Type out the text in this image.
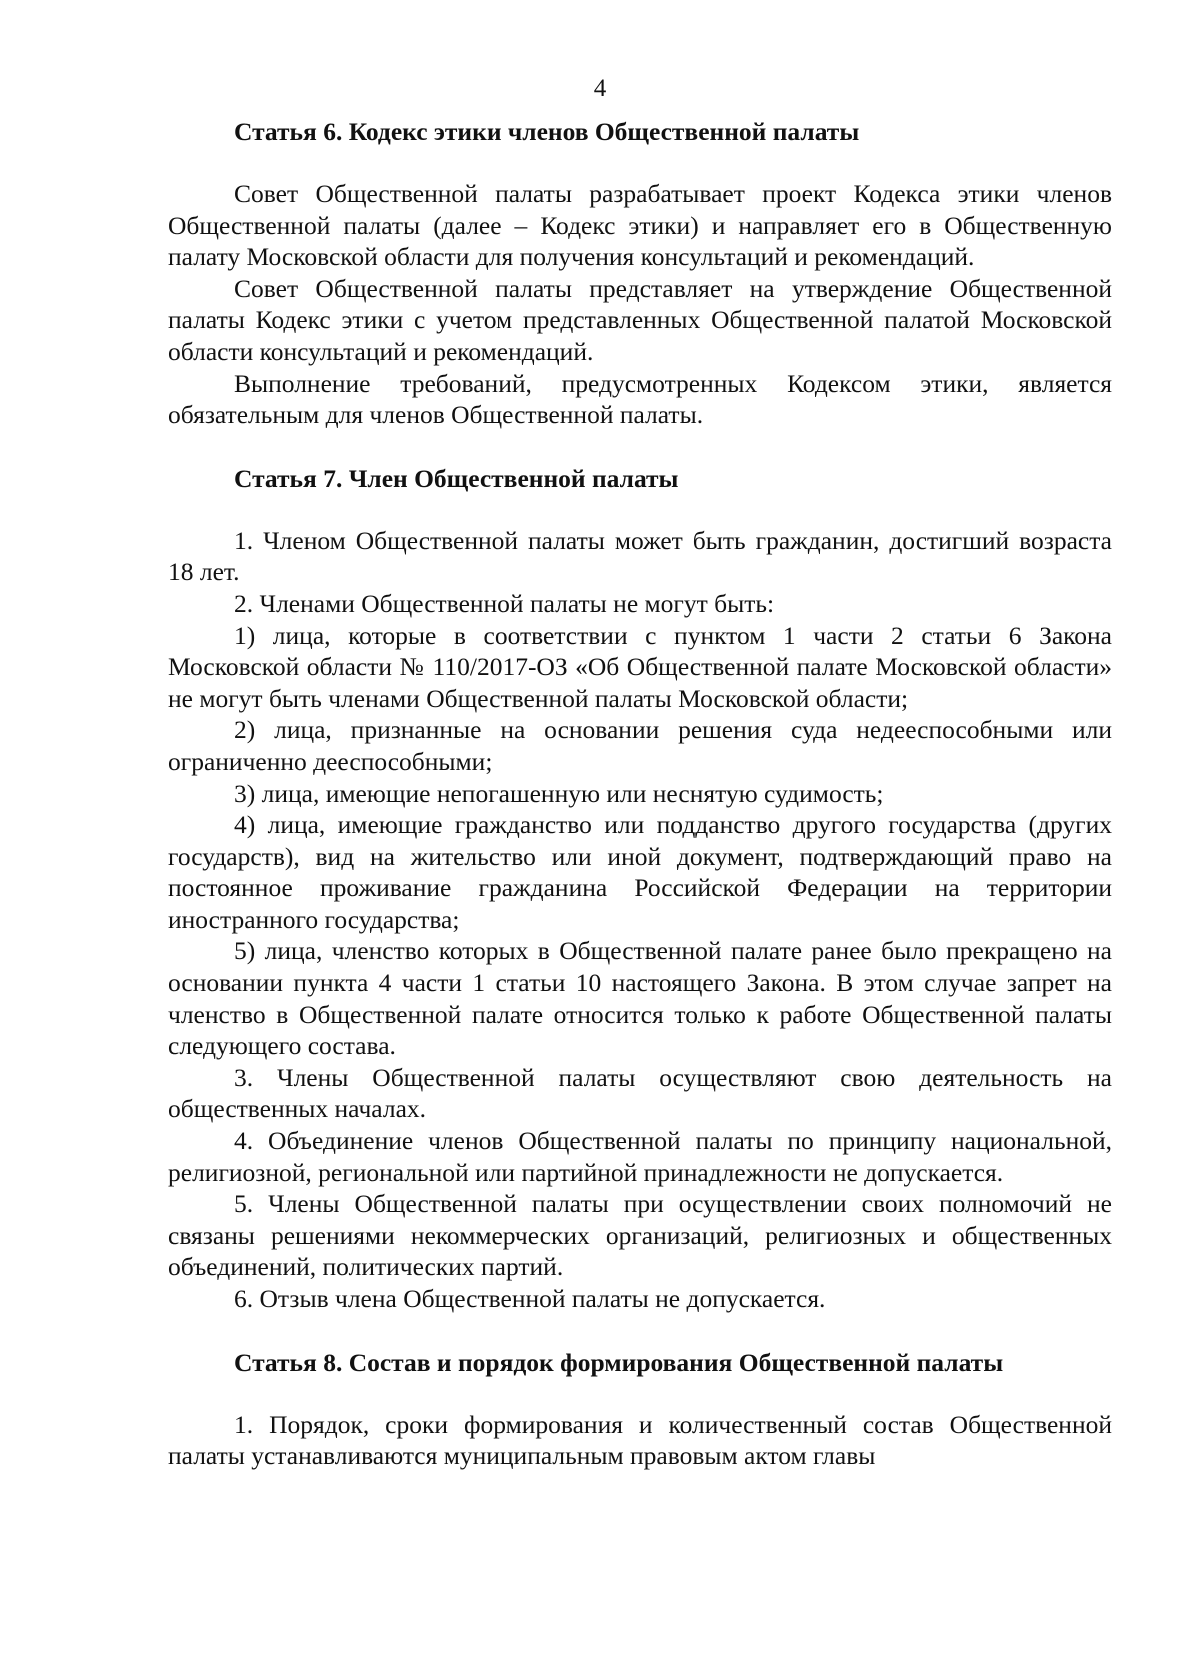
4
Статья 6. Кодекс этики членов Общественной палаты

Совет Общественной палаты разрабатывает проект Кодекса этики членов Общественной палаты (далее – Кодекс этики) и направляет его в Общественную палату Московской области для получения консультаций и рекомендаций.

Совет Общественной палаты представляет на утверждение Общественной палаты Кодекс этики с учетом представленных Общественной палатой Московской области консультаций и рекомендаций.

Выполнение требований, предусмотренных Кодексом этики, является обязательным для членов Общественной палаты.

Статья 7. Член Общественной палаты

1. Членом Общественной палаты может быть гражданин, достигший возраста 18 лет.

2. Членами Общественной палаты не могут быть:

1) лица, которые в соответствии с пунктом 1 части 2 статьи 6 Закона Московской области № 110/2017-ОЗ «Об Общественной палате Московской области» не могут быть членами Общественной палаты Московской области;

2) лица, признанные на основании решения суда недееспособными или ограниченно дееспособными;

3) лица, имеющие непогашенную или неснятую судимость;

4) лица, имеющие гражданство или подданство другого государства (других государств), вид на жительство или иной документ, подтверждающий право на постоянное проживание гражданина Российской Федерации на территории иностранного государства;

5) лица, членство которых в Общественной палате ранее было прекращено на основании пункта 4 части 1 статьи 10 настоящего Закона. В этом случае запрет на членство в Общественной палате относится только к работе Общественной палаты следующего состава.

3. Члены Общественной палаты осуществляют свою деятельность на общественных началах.

4. Объединение членов Общественной палаты по принципу национальной, религиозной, региональной или партийной принадлежности не допускается.

5. Члены Общественной палаты при осуществлении своих полномочий не связаны решениями некоммерческих организаций, религиозных и общественных объединений, политических партий.

6. Отзыв члена Общественной палаты не допускается.

Статья 8. Состав и порядок формирования Общественной палаты

1. Порядок, сроки формирования и количественный состав Общественной палаты устанавливаются муниципальным правовым актом главы
